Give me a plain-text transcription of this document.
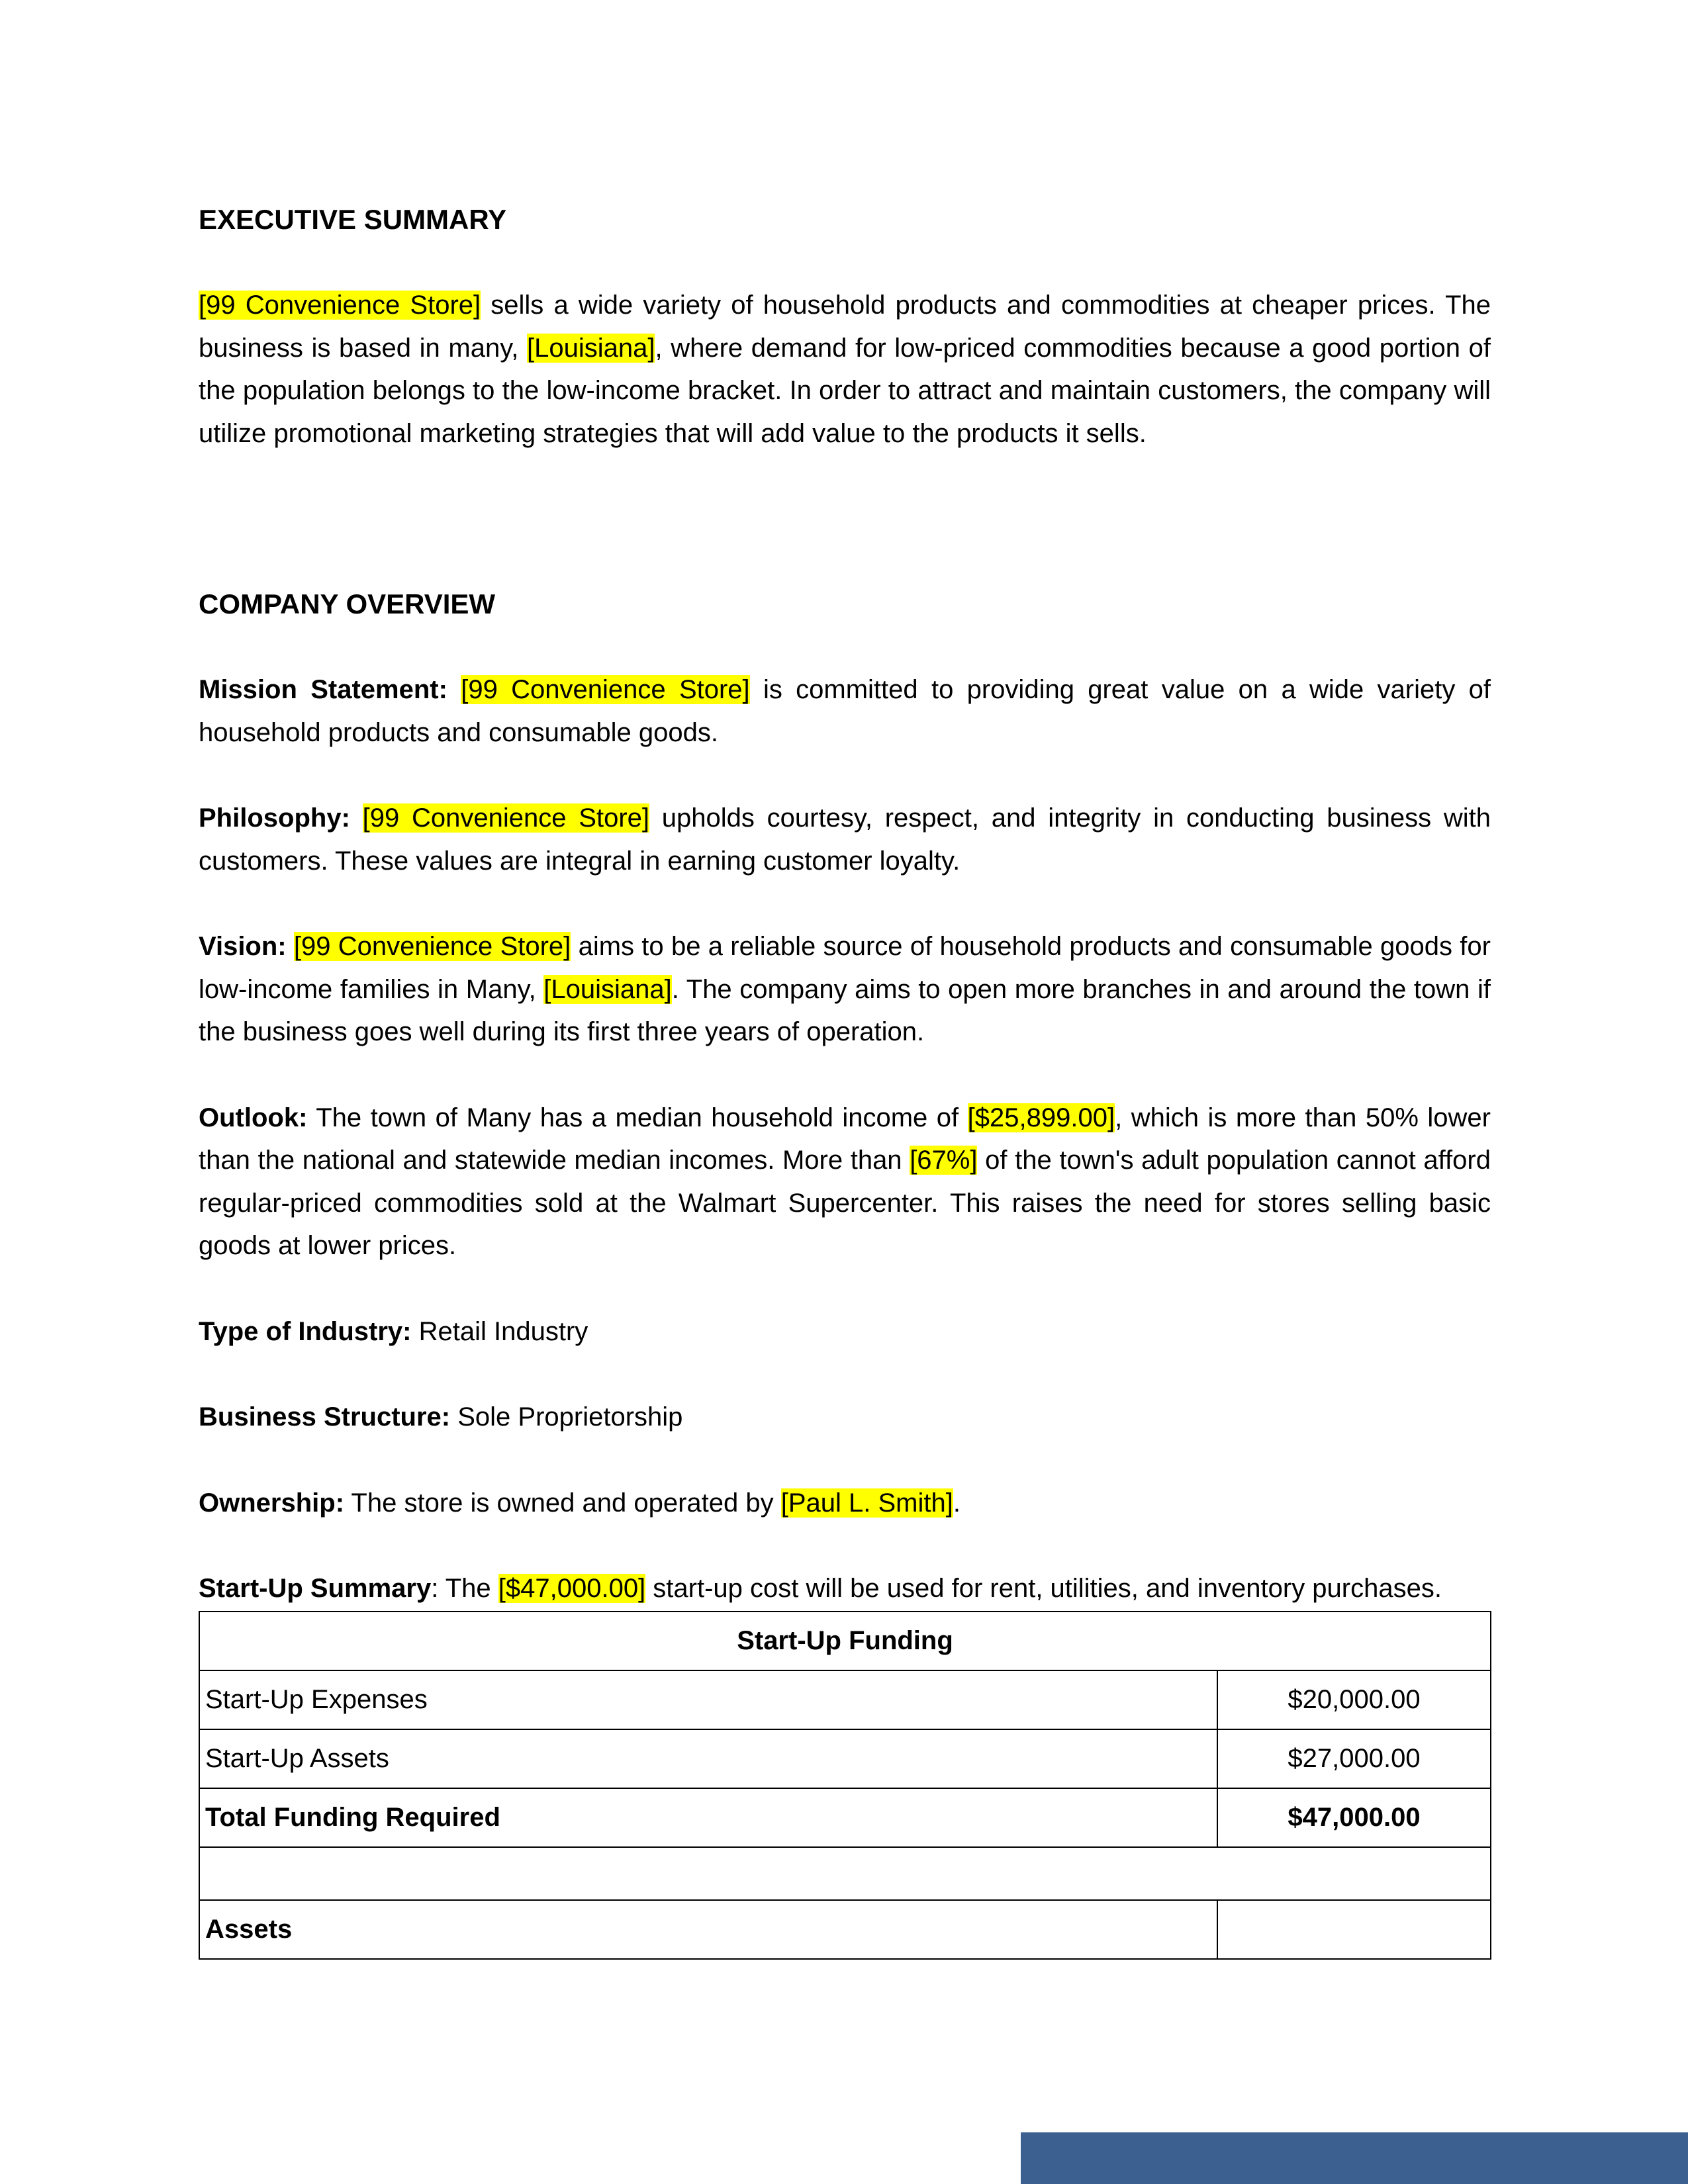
EXECUTIVE SUMMARY

[99 Convenience Store] sells a wide variety of household products and commodities at cheaper prices. The business is based in many, [Louisiana], where demand for low-priced commodities because a good portion of the population belongs to the low-income bracket. In order to attract and maintain customers, the company will utilize promotional marketing strategies that will add value to the products it sells.

COMPANY OVERVIEW

Mission Statement: [99 Convenience Store] is committed to providing great value on a wide variety of household products and consumable goods.

Philosophy: [99 Convenience Store] upholds courtesy, respect, and integrity in conducting business with customers. These values are integral in earning customer loyalty.

Vision: [99 Convenience Store] aims to be a reliable source of household products and consumable goods for low-income families in Many, [Louisiana]. The company aims to open more branches in and around the town if the business goes well during its first three years of operation.

Outlook: The town of Many has a median household income of [$25,899.00], which is more than 50% lower than the national and statewide median incomes. More than [67%] of the town's adult population cannot afford regular-priced commodities sold at the Walmart Supercenter. This raises the need for stores selling basic goods at lower prices.

Type of Industry: Retail Industry

Business Structure: Sole Proprietorship

Ownership: The store is owned and operated by [Paul L. Smith].

Start-Up Summary: The [$47,000.00] start-up cost will be used for rent, utilities, and inventory purchases.

Start-Up Funding	
Start-Up Expenses	$20,000.00
Start-Up Assets	$27,000.00
Total Funding Required	$47,000.00

Assets	
